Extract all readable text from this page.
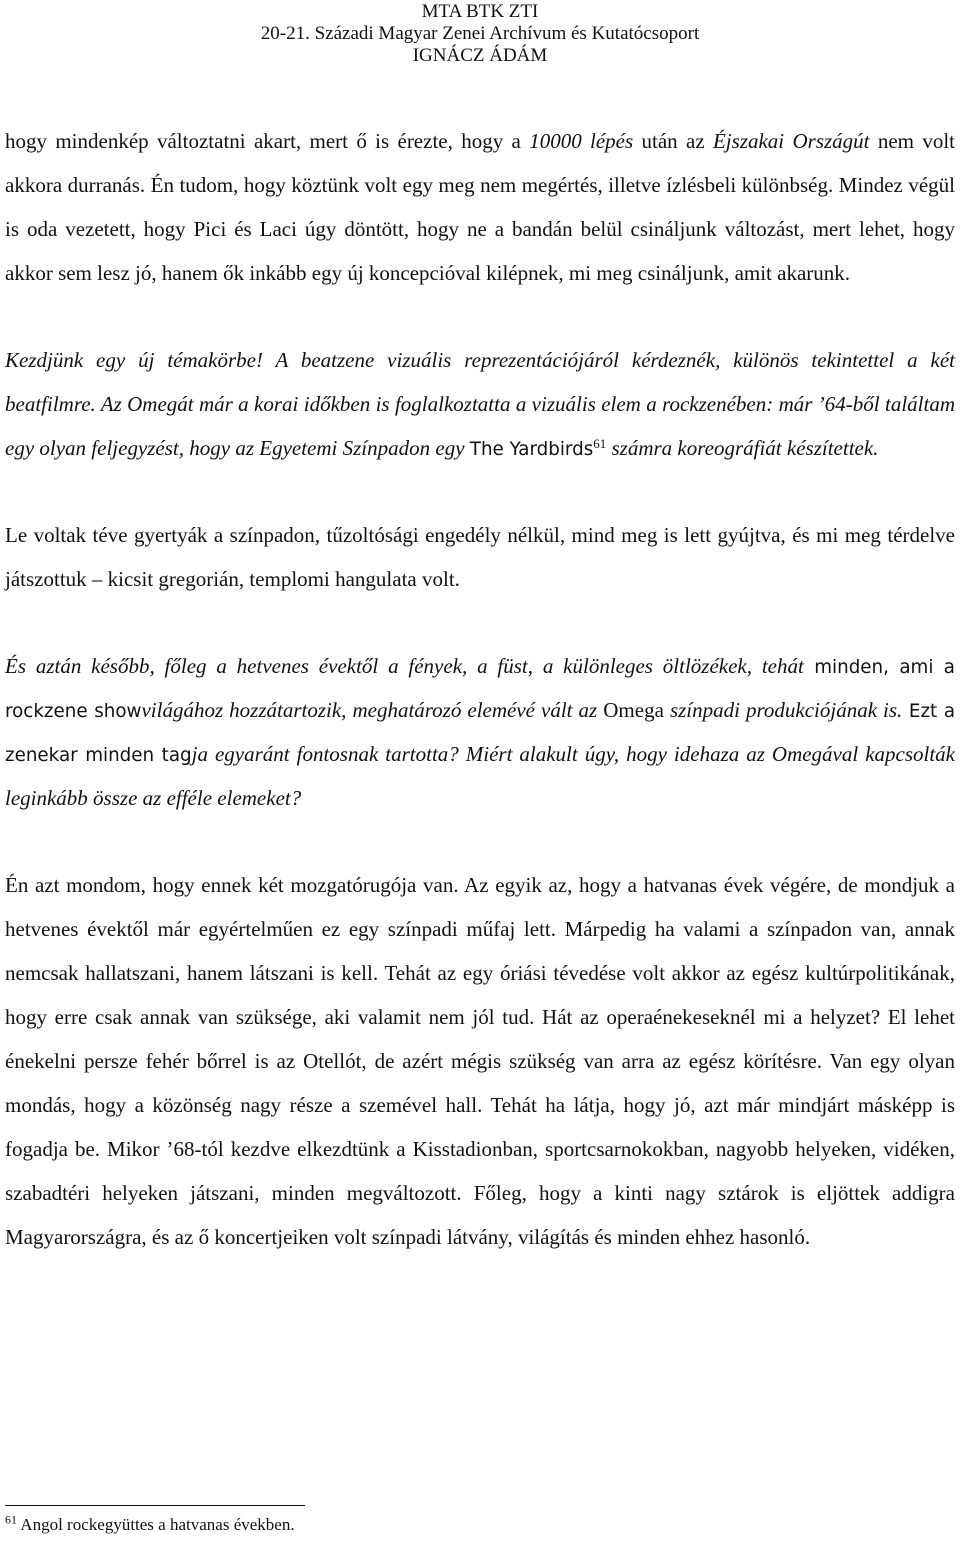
MTA BTK ZTI
20-21. Századi Magyar Zenei Archívum és Kutatócsoport
IGNÁCZ ÁDÁM

hogy mindenkép változtatni akart, mert ő is érezte, hogy a 10000 lépés után az Éjszakai Országút nem volt akkora durranás. Én tudom, hogy köztünk volt egy meg nem megértés, illetve ízlésbeli különbség. Mindez végül is oda vezetett, hogy Pici és Laci úgy döntött, hogy ne a bandán belül csináljunk változást, mert lehet, hogy akkor sem lesz jó, hanem ők inkább egy új koncepcióval kilépnek, mi meg csináljunk, amit akarunk.

Kezdjünk egy új témakörbe! A beatzene vizuális reprezentációjáról kérdeznék, különös tekintettel a két beatfilmre. Az Omegát már a korai időkben is foglalkoztatta a vizuális elem a rockzenében: már ’64-ből találtam egy olyan feljegyzést, hogy az Egyetemi Színpadon egy The Yardbirds$^{61}$ számra koreográfiát készítettek.

Le voltak téve gyertyák a színpadon, tűzoltósági engedély nélkül, mind meg is lett gyújtva, és mi meg térdelve játszottuk – kicsit gregorián, templomi hangulata volt.

És aztán később, főleg a hetvenes évektől a fények, a füst, a különleges öltlözékek, tehát minden, ami a rockzene showvilágához hozzátartozik, meghatározó elemévé vált az Omega színpadi produkciójának is. Ezt a zenekar minden tagja egyaránt fontosnak tartotta? Miért alakult úgy, hogy idehaza az Omegával kapcsolták leginkább össze az efféle elemeket?

Én azt mondom, hogy ennek két mozgatórugója van. Az egyik az, hogy a hatvanas évek végére, de mondjuk a hetvenes évektől már egyértelműen ez egy színpadi műfaj lett. Márpedig ha valami a színpadon van, annak nemcsak hallatszani, hanem látszani is kell. Tehát az egy óriási tévedése volt akkor az egész kultúrpolitikának, hogy erre csak annak van szüksége, aki valamit nem jól tud. Hát az operaénekeseknél mi a helyzet? El lehet énekelni persze fehér bőrrel is az Otellót, de azért mégis szükség van arra az egész körítésre. Van egy olyan mondás, hogy a közönség nagy része a szemével hall. Tehát ha látja, hogy jó, azt már mindjárt másképp is fogadja be. Mikor ’68-tól kezdve elkezdtünk a Kisstadionban, sportcsarnokokban, nagyobb helyeken, vidéken, szabadtéri helyeken játszani, minden megváltozott. Főleg, hogy a kinti nagy sztárok is eljöttek addigra Magyarországra, és az ő koncertjeiken volt színpadi látvány, világítás és minden ehhez hasonló.

$^{61}$ Angol rockegyüttes a hatvanas években.
